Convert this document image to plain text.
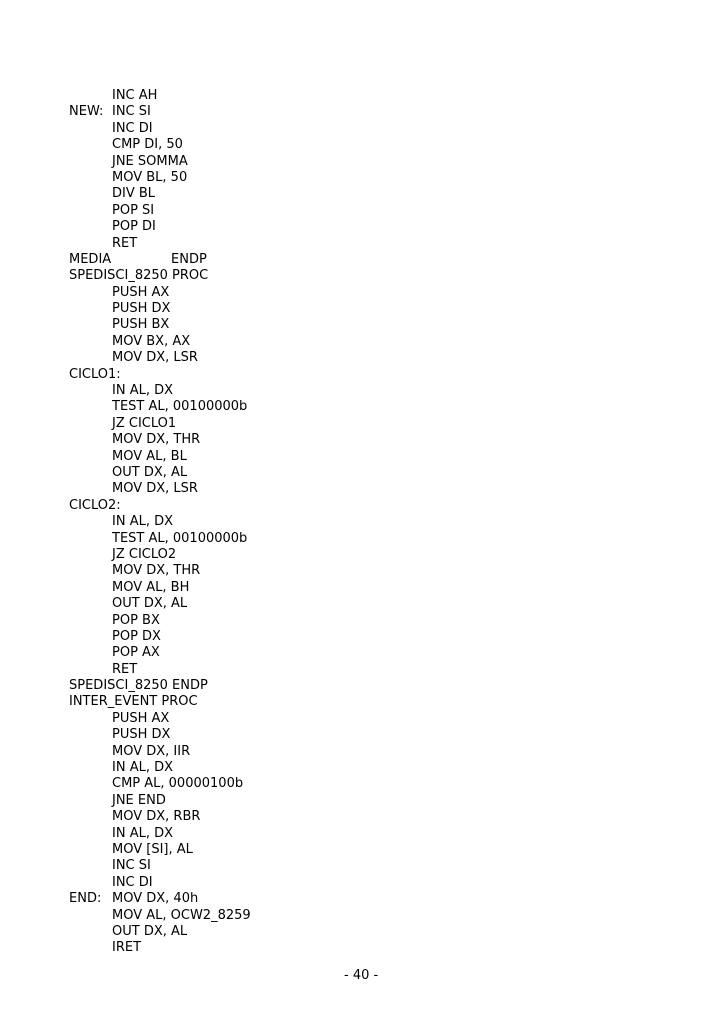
INC AH
NEW: INC SI
INC DI
CMP DI, 50
JNE SOMMA
MOV BL, 50
DIV BL
POP SI
POP DI
RET
MEDIA	ENDP
SPEDISCI_8250 PROC
PUSH AX
PUSH DX
PUSH BX
MOV BX, AX
MOV DX, LSR
CICLO1:
IN AL, DX
TEST AL, 00100000b
JZ CICLO1
MOV DX, THR
MOV AL, BL
OUT DX, AL
MOV DX, LSR
CICLO2:
IN AL, DX
TEST AL, 00100000b
JZ CICLO2
MOV DX, THR
MOV AL, BH
OUT DX, AL
POP BX
POP DX
POP AX
RET
SPEDISCI_8250 ENDP
INTER_EVENT PROC
PUSH AX
PUSH DX
MOV DX, IIR
IN AL, DX
CMP AL, 00000100b
JNE END
MOV DX, RBR
IN AL, DX
MOV [SI], AL
INC SI
INC DI
END: MOV DX, 40h
MOV AL, OCW2_8259
OUT DX, AL
IRET
- 40 -
